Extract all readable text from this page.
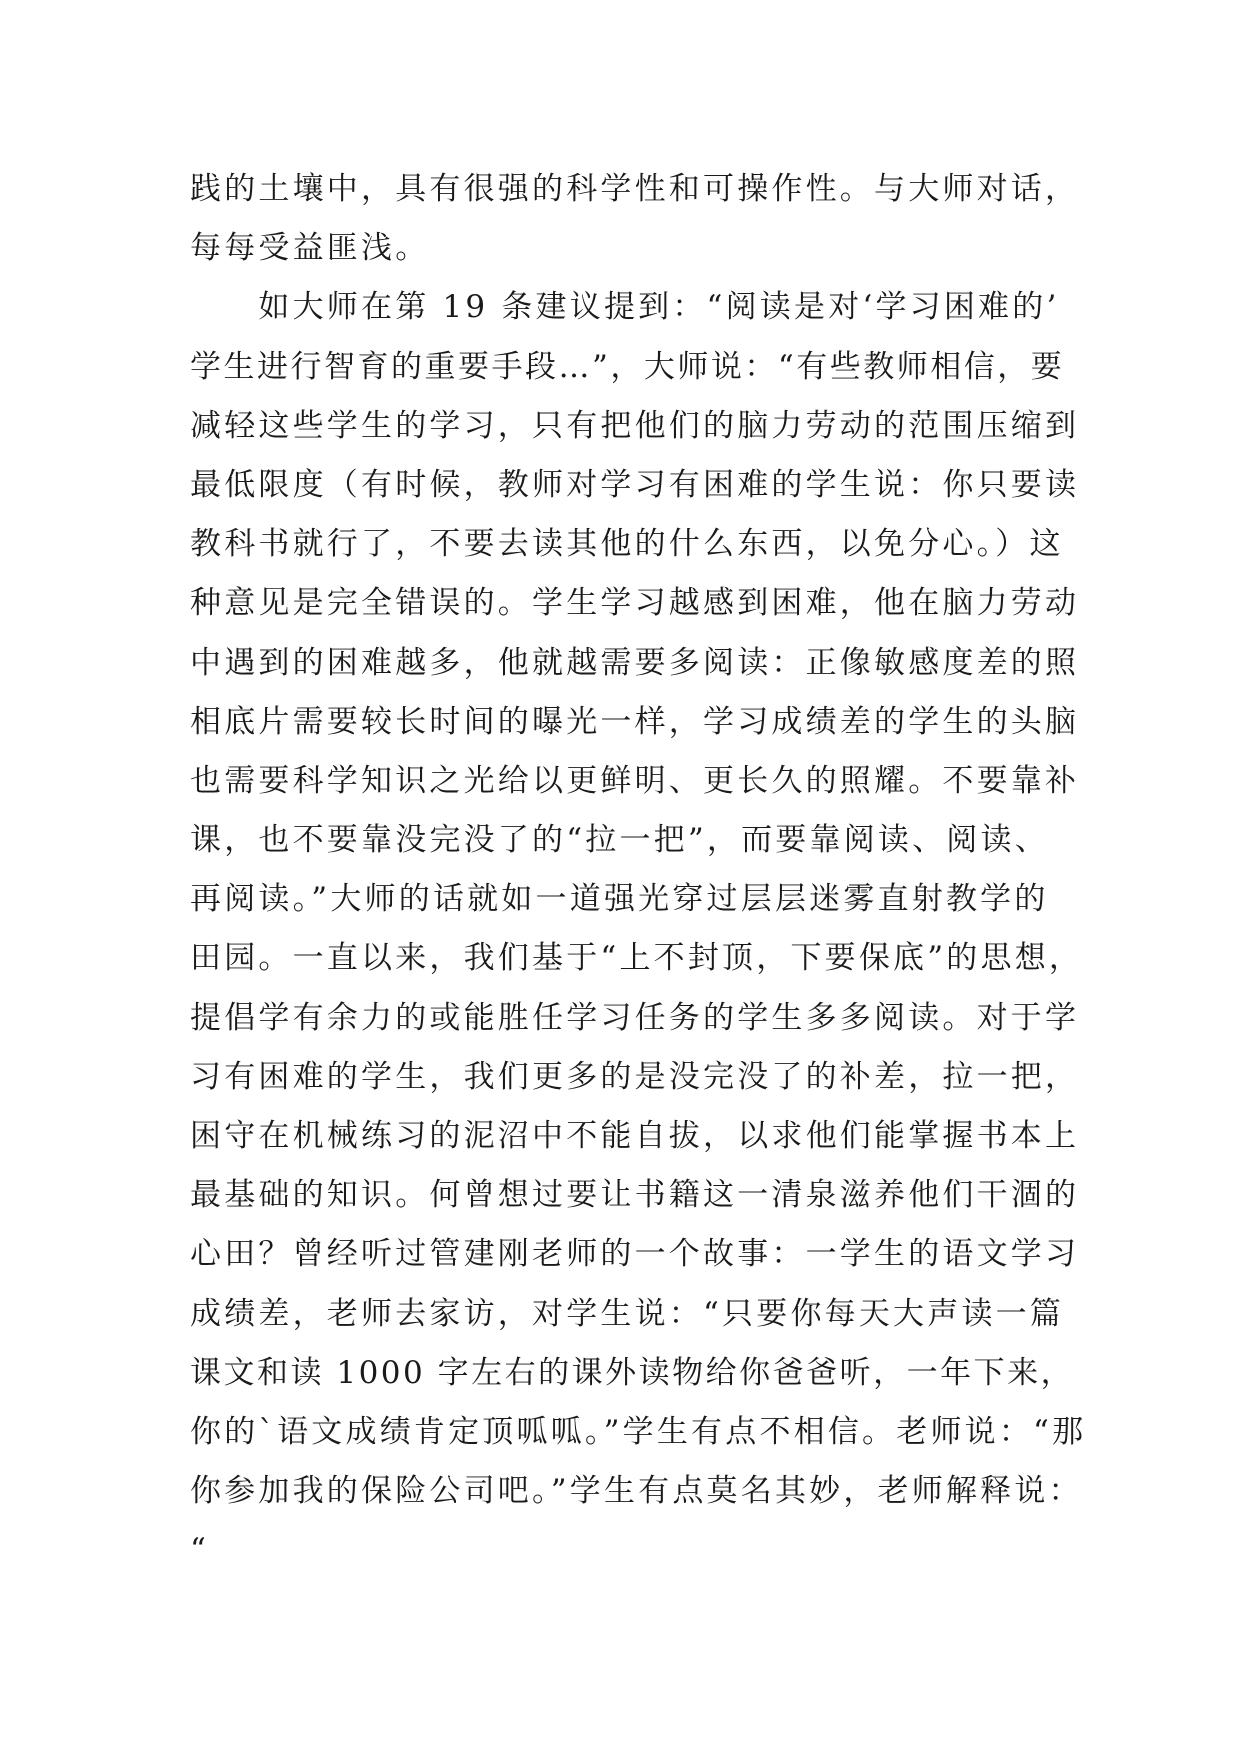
践的土壤中，具有很强的科学性和可操作性。与大师对话，
每每受益匪浅。
　　如大师在第 19 条建议提到：“阅读是对‘学习困难的’
学生进行智育的重要手段…”，大师说：“有些教师相信，要
减轻这些学生的学习，只有把他们的脑力劳动的范围压缩到
最低限度（有时候，教师对学习有困难的学生说：你只要读
教科书就行了，不要去读其他的什么东西，以免分心。）这
种意见是完全错误的。学生学习越感到困难，他在脑力劳动
中遇到的困难越多，他就越需要多阅读：正像敏感度差的照
相底片需要较长时间的曝光一样，学习成绩差的学生的头脑
也需要科学知识之光给以更鲜明、更长久的照耀。不要靠补
课，也不要靠没完没了的“拉一把”，而要靠阅读、阅读、
再阅读。”大师的话就如一道强光穿过层层迷雾直射教学的
田园。一直以来，我们基于“上不封顶，下要保底”的思想，
提倡学有余力的或能胜任学习任务的学生多多阅读。对于学
习有困难的学生，我们更多的是没完没了的补差，拉一把，
困守在机械练习的泥沼中不能自拔，以求他们能掌握书本上
最基础的知识。何曾想过要让书籍这一清泉滋养他们干涸的
心田？曾经听过管建刚老师的一个故事：一学生的语文学习
成绩差，老师去家访，对学生说：“只要你每天大声读一篇
课文和读 1000 字左右的课外读物给你爸爸听，一年下来，
你的`语文成绩肯定顶呱呱。”学生有点不相信。老师说：“那
你参加我的保险公司吧。”学生有点莫名其妙，老师解释说：
“
